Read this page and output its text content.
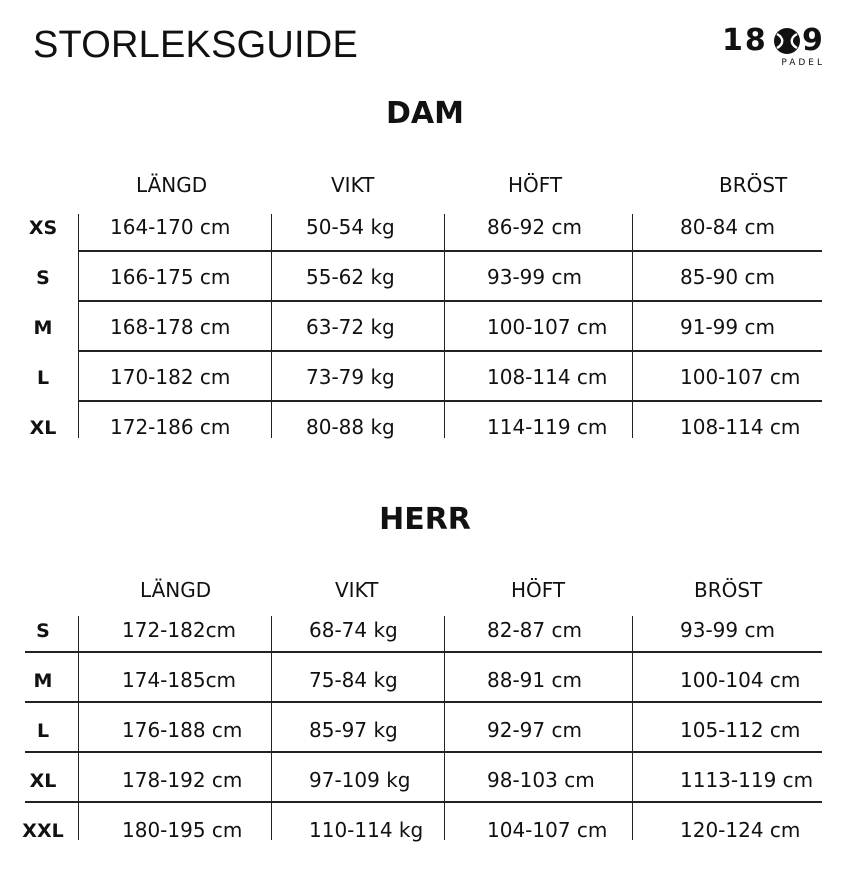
STORLEKSGUIDE	18 9
PADEL
DAM
LÄNGD	VIKT	HÖFT	BRÖST
XS	164-170 cm	50-54 kg	86-92 cm	80-84 cm
S	166-175 cm	55-62 kg	93-99 cm	85-90 cm
M	168-178 cm	63-72 kg	100-107 cm	91-99 cm
L	170-182 cm	73-79 kg	108-114 cm	100-107 cm
XL	172-186 cm	80-88 kg	114-119 cm	108-114 cm
HERR
LÄNGD	VIKT	HÖFT	BRÖST
S	172-182cm	68-74 kg	82-87 cm	93-99 cm
M	174-185cm	75-84 kg	88-91 cm	100-104 cm
L	176-188 cm	85-97 kg	92-97 cm	105-112 cm
XL	178-192 cm	97-109 kg	98-103 cm	1113-119 cm
XXL	180-195 cm	110-114 kg	104-107 cm	120-124 cm
